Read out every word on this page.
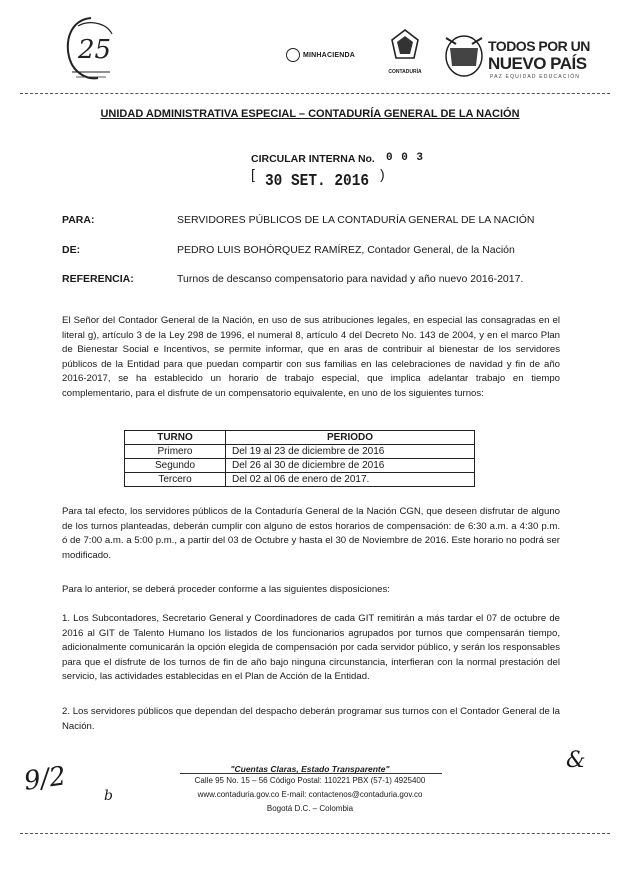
25	MINHACIENDA
CONTADURÍA
TODOS POR UN
NUEVO PAÍS
PAZ EQUIDAD EDUCACIÓN
UNIDAD ADMINISTRATIVA ESPECIAL – CONTADURÍA GENERAL DE LA NACIÓN
CIRCULAR INTERNA No. 0 0 3
[ 30 SET. 2016 )
PARA:	SERVIDORES PÚBLICOS DE LA CONTADURÍA GENERAL DE LA NACIÓN
DE:	PEDRO LUIS BOHÓRQUEZ RAMÍREZ, Contador General, de la Nación
REFERENCIA:	Turnos de descanso compensatorio para navidad y año nuevo 2016-2017.
El Señor del Contador General de la Nación, en uso de sus atribuciones legales, en especial las consagradas en el literal g), artículo 3 de la Ley 298 de 1996, el numeral 8, artículo 4 del Decreto No. 143 de 2004, y en el marco Plan de Bienestar Social e Incentivos, se permite informar, que en aras de contribuir al bienestar de los servidores públicos de la Entidad para que puedan compartir con sus familias en las celebraciones de navidad y fin de año 2016-2017, se ha establecido un horario de trabajo especial, que implica adelantar trabajo en tiempo complementario, para el disfrute de un compensatorio equivalente, en uno de los siguientes turnos:
TURNO	PERIODO
Primero	Del 19 al 23 de diciembre de 2016
Segundo	Del 26 al 30 de diciembre de 2016
Tercero	Del 02 al 06 de enero de 2017.
Para tal efecto, los servidores públicos de la Contaduría General de la Nación CGN, que deseen disfrutar de alguno de los turnos planteadas, deberán cumplir con alguno de estos horarios de compensación: de 6:30 a.m. a 4:30 p.m. ó de 7:00 a.m. a 5:00 p.m., a partir del 03 de Octubre y hasta el 30 de Noviembre de 2016. Este horario no podrá ser modificado.
Para lo anterior, se deberá proceder conforme a las siguientes disposiciones:
1. Los Subcontadores, Secretario General y Coordinadores de cada GIT remitirán a más tardar el 07 de octubre de 2016 al GIT de Talento Humano los listados de los funcionarios agrupados por turnos que compensarán tiempo, adicionalmente comunicarán la opción elegida de compensación por cada servidor público, y serán los responsables para que el disfrute de los turnos de fin de año bajo ninguna circunstancia, interfieran con la normal prestación del servicio, las actividades establecidas en el Plan de Acción de la Entidad.
2. Los servidores públicos que dependan del despacho deberán programar sus turnos con el Contador General de la Nación.
9/2	b
&
"Cuentas Claras, Estado Transparente"
Calle 95 No. 15 – 56 Código Postal: 110221 PBX (57-1) 4925400
www.contaduria.gov.co E-mail: contactenos@contaduria.gov.co
Bogotá D.C. – Colombia
